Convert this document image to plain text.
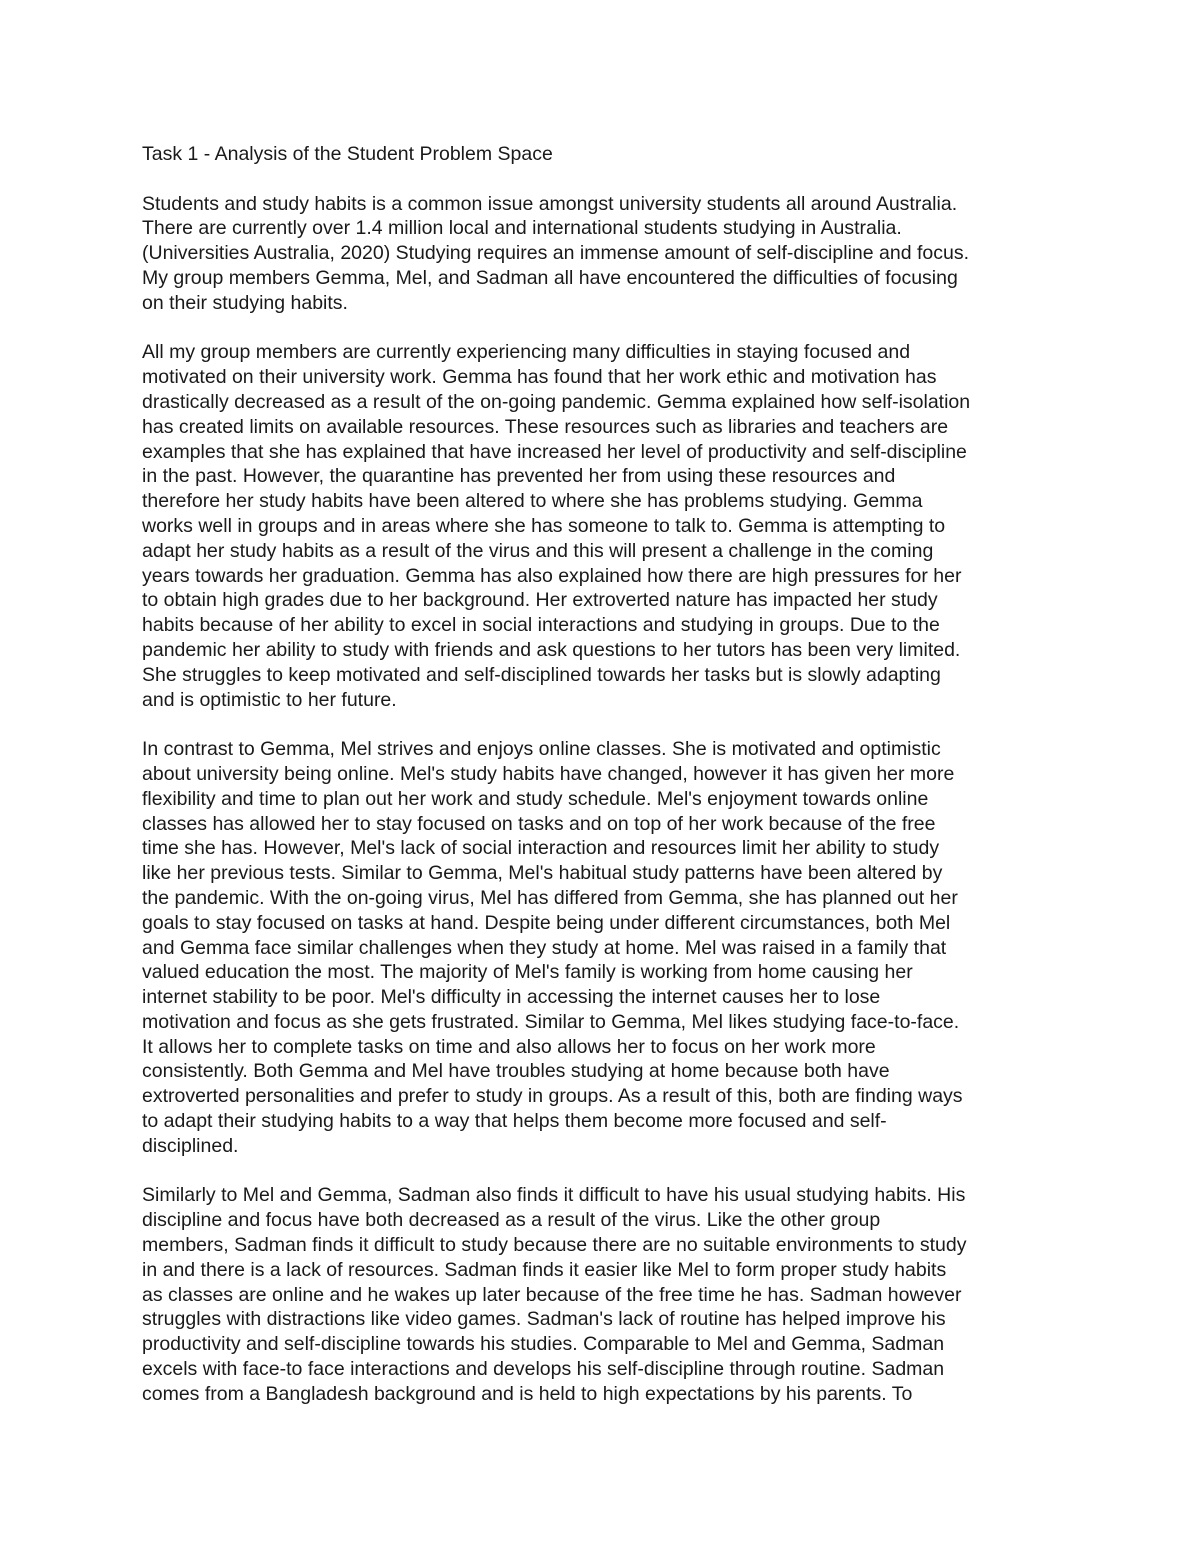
Task 1 - Analysis of the Student Problem Space
Students and study habits is a common issue amongst university students all around Australia.
There are currently over 1.4 million local and international students studying in Australia.
(Universities Australia, 2020) Studying requires an immense amount of self-discipline and focus.
My group members Gemma, Mel, and Sadman all have encountered the difficulties of focusing
on their studying habits.
All my group members are currently experiencing many difficulties in staying focused and
motivated on their university work. Gemma has found that her work ethic and motivation has
drastically decreased as a result of the on-going pandemic. Gemma explained how self-isolation
has created limits on available resources. These resources such as libraries and teachers are
examples that she has explained that have increased her level of productivity and self-discipline
in the past. However, the quarantine has prevented her from using these resources and
therefore her study habits have been altered to where she has problems studying. Gemma
works well in groups and in areas where she has someone to talk to. Gemma is attempting to
adapt her study habits as a result of the virus and this will present a challenge in the coming
years towards her graduation. Gemma has also explained how there are high pressures for her
to obtain high grades due to her background. Her extroverted nature has impacted her study
habits because of her ability to excel in social interactions and studying in groups. Due to the
pandemic her ability to study with friends and ask questions to her tutors has been very limited.
She struggles to keep motivated and self-disciplined towards her tasks but is slowly adapting
and is optimistic to her future.
In contrast to Gemma, Mel strives and enjoys online classes. She is motivated and optimistic
about university being online. Mel's study habits have changed, however it has given her more
flexibility and time to plan out her work and study schedule. Mel's enjoyment towards online
classes has allowed her to stay focused on tasks and on top of her work because of the free
time she has. However, Mel's lack of social interaction and resources limit her ability to study
like her previous tests. Similar to Gemma, Mel's habitual study patterns have been altered by
the pandemic. With the on-going virus, Mel has differed from Gemma, she has planned out her
goals to stay focused on tasks at hand. Despite being under different circumstances, both Mel
and Gemma face similar challenges when they study at home. Mel was raised in a family that
valued education the most. The majority of Mel's family is working from home causing her
internet stability to be poor. Mel's difficulty in accessing the internet causes her to lose
motivation and focus as she gets frustrated. Similar to Gemma, Mel likes studying face-to-face.
It allows her to complete tasks on time and also allows her to focus on her work more
consistently. Both Gemma and Mel have troubles studying at home because both have
extroverted personalities and prefer to study in groups. As a result of this, both are finding ways
to adapt their studying habits to a way that helps them become more focused and self-
disciplined.
Similarly to Mel and Gemma, Sadman also finds it difficult to have his usual studying habits. His
discipline and focus have both decreased as a result of the virus. Like the other group
members, Sadman finds it difficult to study because there are no suitable environments to study
in and there is a lack of resources. Sadman finds it easier like Mel to form proper study habits
as classes are online and he wakes up later because of the free time he has. Sadman however
struggles with distractions like video games. Sadman's lack of routine has helped improve his
productivity and self-discipline towards his studies. Comparable to Mel and Gemma, Sadman
excels with face-to face interactions and develops his self-discipline through routine. Sadman
comes from a Bangladesh background and is held to high expectations by his parents. To
